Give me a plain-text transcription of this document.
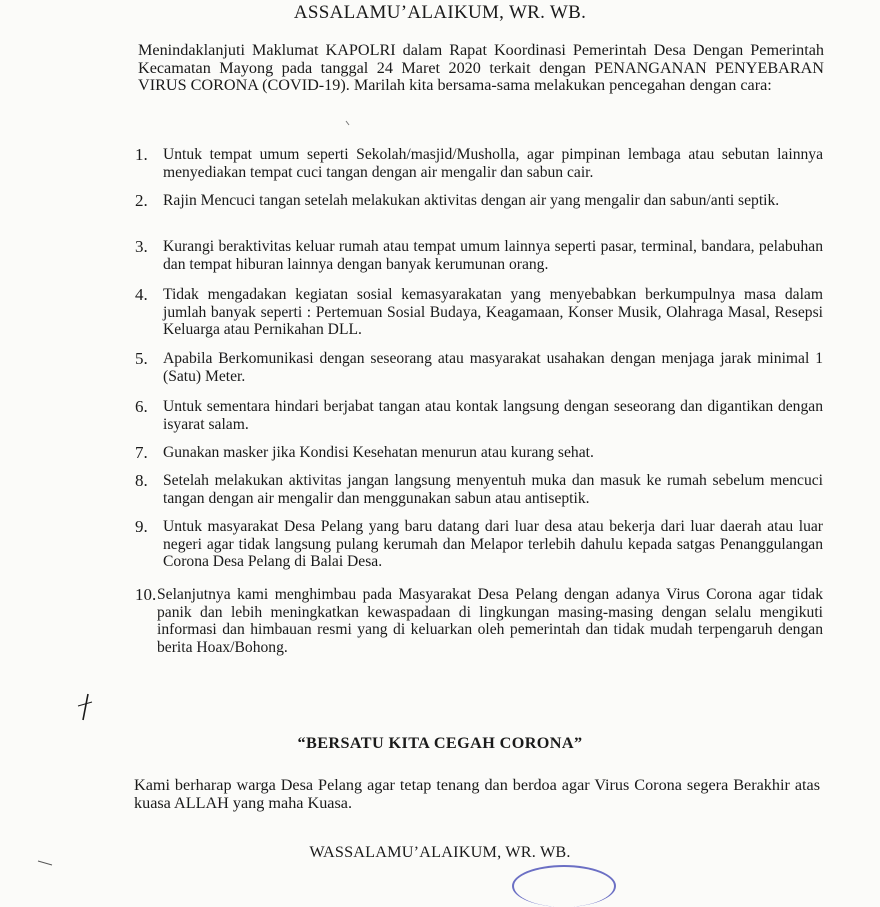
ASSALAMU’ALAIKUM, WR. WB.
Menindaklanjuti Maklumat KAPOLRI dalam Rapat Koordinasi Pemerintah Desa Dengan Pemerintah Kecamatan Mayong pada tanggal 24 Maret 2020 terkait dengan PENANGANAN PENYEBARAN VIRUS CORONA (COVID-19). Marilah kita bersama-sama melakukan pencegahan dengan cara:
1. Untuk tempat umum seperti Sekolah/masjid/Musholla, agar pimpinan lembaga atau sebutan lainnya menyediakan tempat cuci tangan dengan air mengalir dan sabun cair.
2. Rajin Mencuci tangan setelah melakukan aktivitas dengan air yang mengalir dan sabun/anti septik.
3. Kurangi beraktivitas keluar rumah atau tempat umum lainnya seperti pasar, terminal, bandara, pelabuhan dan tempat hiburan lainnya dengan banyak kerumunan orang.
4. Tidak mengadakan kegiatan sosial kemasyarakatan yang menyebabkan berkumpulnya masa dalam jumlah banyak seperti : Pertemuan Sosial Budaya, Keagamaan, Konser Musik, Olahraga Masal, Resepsi Keluarga atau Pernikahan DLL.
5. Apabila Berkomunikasi dengan seseorang atau masyarakat usahakan dengan menjaga jarak minimal 1 (Satu) Meter.
6. Untuk sementara hindari berjabat tangan atau kontak langsung dengan seseorang dan digantikan dengan isyarat salam.
7. Gunakan masker jika Kondisi Kesehatan menurun atau kurang sehat.
8. Setelah melakukan aktivitas jangan langsung menyentuh muka dan masuk ke rumah sebelum mencuci tangan dengan air mengalir dan menggunakan sabun atau antiseptik.
9. Untuk masyarakat Desa Pelang yang baru datang dari luar desa atau bekerja dari luar daerah atau luar negeri agar tidak langsung pulang kerumah dan Melapor terlebih dahulu kepada satgas Penanggulangan Corona Desa Pelang di Balai Desa.
10. Selanjutnya kami menghimbau pada Masyarakat Desa Pelang dengan adanya Virus Corona agar tidak panik dan lebih meningkatkan kewaspadaan di lingkungan masing-masing dengan selalu mengikuti informasi dan himbauan resmi yang di keluarkan oleh pemerintah dan tidak mudah terpengaruh dengan berita Hoax/Bohong.
“BERSATU KITA CEGAH CORONA”
Kami berharap warga Desa Pelang agar tetap tenang dan berdoa agar Virus Corona segera Berakhir atas kuasa ALLAH yang maha Kuasa.
WASSALAMU’ALAIKUM, WR. WB.
